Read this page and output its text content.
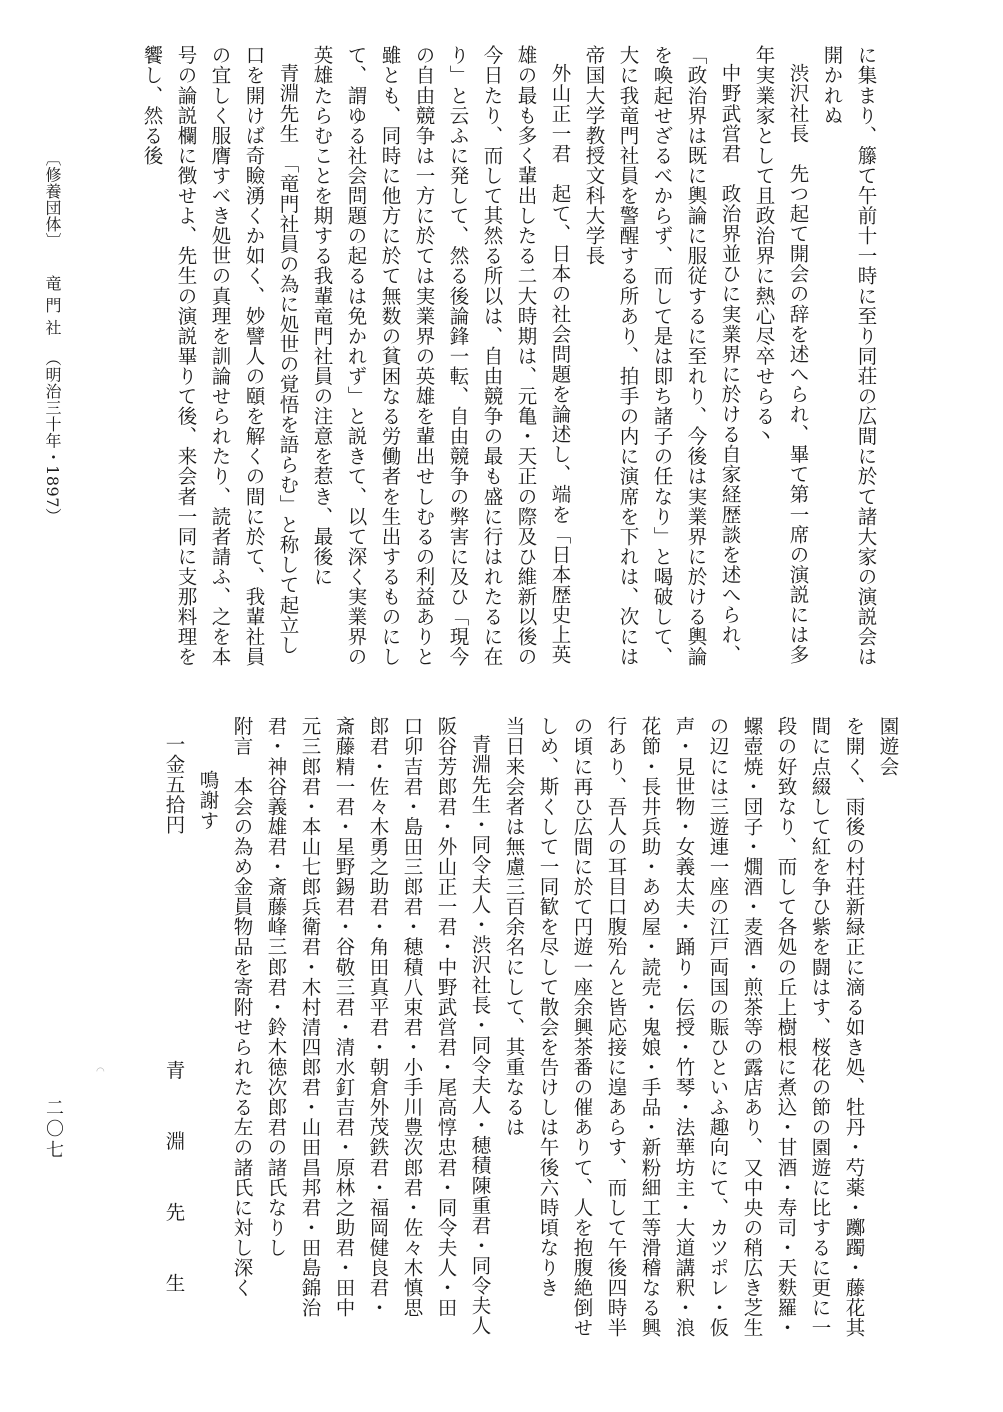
に集まり、籐て午前十一時に至り同荘の広間に於て諸大家の演説会は
開かれぬ
渋沢社長　先つ起て開会の辞を述へられ、畢て第一席の演説には多
年実業家として且政治界に熱心尽卒せらる丶
中野武営君　政治界並ひに実業界に於ける自家経歴談を述へられ、
「政治界は既に輿論に服従するに至れり、今後は実業界に於ける輿論
を喚起せざるべからず、而して是は即ち諸子の任なり」と喝破して、
大に我竜門社員を警醒する所あり、拍手の内に演席を下れは、次には
帝国大学教授文科大学長
外山正一君　起て、日本の社会問題を論述し、端を「日本歴史上英
雄の最も多く輩出したる二大時期は、元亀・天正の際及ひ維新以後の
今日たり、而して其然る所以は、自由競争の最も盛に行はれたるに在
り」と云ふに発して、然る後論鋒一転、自由競争の弊害に及ひ「現今
の自由競争は一方に於ては実業界の英雄を輩出せしむるの利益ありと
雖とも、同時に他方に於て無数の貧困なる労働者を生出するものにし
て、謂ゆる社会問題の起るは免かれず」と説きて、以て深く実業界の
英雄たらむことを期する我輩竜門社員の注意を惹き、最後に
青淵先生　「竜門社員の為に処世の覚悟を語らむ」と称して起立し
口を開けば奇瞼湧くか如く、妙譬人の頤を解くの間に於て、我輩社員
の宜しく服膺すべき処世の真理を訓論せられたり、読者請ふ、之を本
号の論説欄に徴せよ、先生の演説畢りて後、来会者一同に支那料理を
饗し、然る後
〔修養団体〕竜 門 社（明治三十年・1897）
園遊会
を開く、雨後の村荘新緑正に滴る如き処、牡丹・芍薬・躑躅・藤花其
間に点綴して紅を争ひ紫を闘はす、桜花の節の園遊に比するに更に一
段の好致なり、而して各処の丘上樹根に煮込・甘酒・寿司・天麩羅・
螺壺焼・団子・燗酒・麦酒・煎茶等の露店あり、又中央の稍広き芝生
の辺には三遊連一座の江戸両国の賑ひといふ趣向にて、カツポレ・仮
声・見世物・女義太夫・踊り・伝授・竹琴・法華坊主・大道講釈・浪
花節・長井兵助・あめ屋・読売・鬼娘・手品・新粉細工等滑稽なる興
行あり、吾人の耳目口腹殆んと皆応接に遑あらす、而して午後四時半
の頃に再ひ広間に於て円遊一座余興茶番の催ありて、人を抱腹絶倒せ
しめ、斯くして一同歓を尽して散会を告けしは午後六時頃なりき
当日来会者は無慮三百余名にして、其重なるは
青淵先生・同令夫人・渋沢社長・同令夫人・穂積陳重君・同令夫人
阪谷芳郎君・外山正一君・中野武営君・尾高惇忠君・同令夫人・田
口卯吉君・島田三郎君・穂積八束君・小手川豊次郎君・佐々木慎思
郎君・佐々木勇之助君・角田真平君・朝倉外茂鉄君・福岡健良君・
斎藤精一君・星野錫君・谷敬三君・清水釘吉君・原林之助君・田中
元三郎君・本山七郎兵衛君・木村清四郎君・山田昌邦君・田島錦治
君・神谷義雄君・斎藤峰三郎君・鈴木徳次郎君の諸氏なりし
附言　本会の為め金員物品を寄附せられたる左の諸氏に対し深く
鳴謝す
一金五拾円
青　淵　先　生
二〇七
◠
